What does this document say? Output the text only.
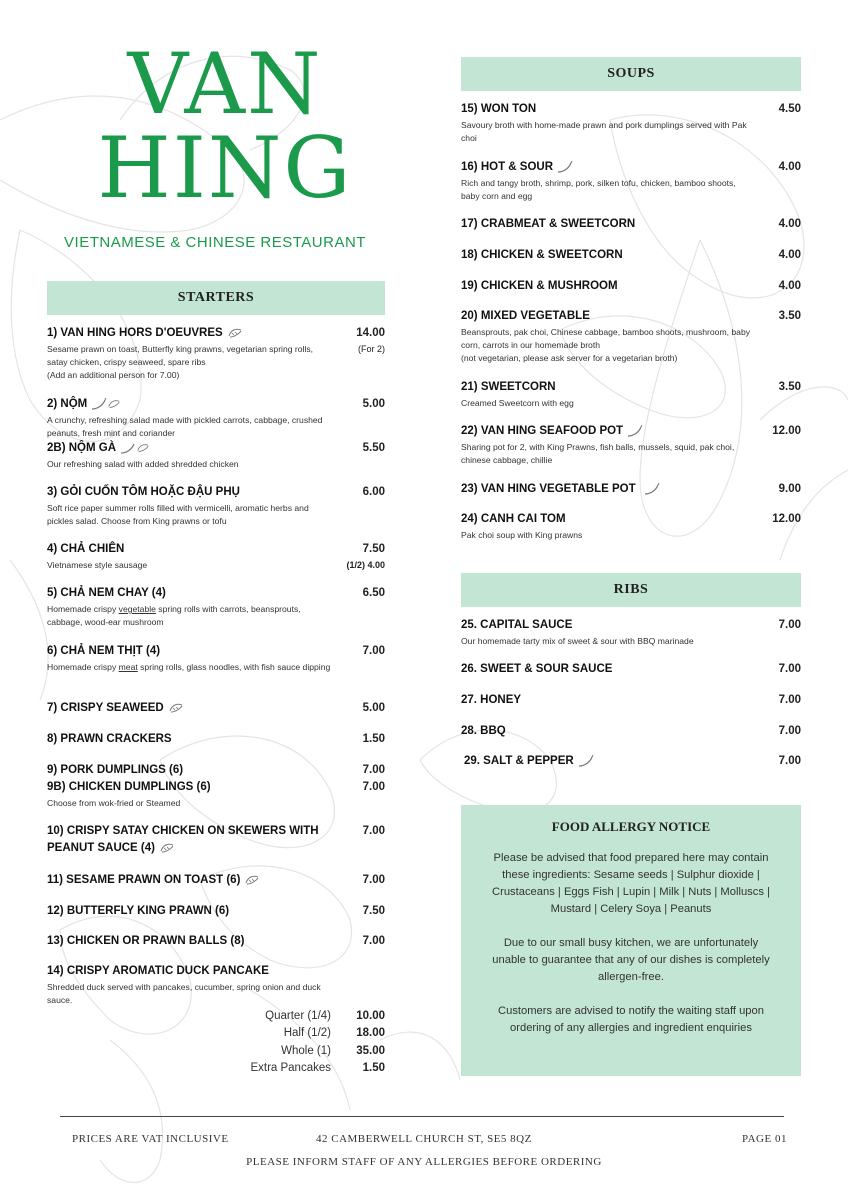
VAN
HING
VIETNAMESE & CHINESE RESTAURANT
STARTERS
1) VAN HING HORS D'OEUVRES	14.00
(For 2)
Sesame prawn on toast, Butterfly king prawns, vegetarian spring rolls, satay chicken, crispy seaweed, spare ribs
(Add an additional person for 7.00)
2) NỘM	5.00
A crunchy, refreshing salad made with pickled carrots, cabbage, crushed peanuts, fresh mint and coriander
2B) NỘM GÀ	5.50
Our refreshing salad with added shredded chicken
3) GỎI CUỐN TÔM HOẶC ĐẬU PHỤ	6.00
Soft rice paper summer rolls filled with vermicelli, aromatic herbs and pickles salad. Choose from King prawns or tofu
4) CHẢ CHIÊN	7.50
(1/2) 4.00
Vietnamese style sausage
5) CHẢ NEM CHAY (4)	6.50
Homemade crispy vegetable spring rolls with carrots, beansprouts, cabbage, wood-ear mushroom
6) CHẢ NEM THỊT (4)	7.00
Homemade crispy meat spring rolls, glass noodles, with fish sauce dipping
7) CRISPY SEAWEED	5.00
8) PRAWN CRACKERS	1.50
9) PORK DUMPLINGS (6)	7.00
9B) CHICKEN DUMPLINGS (6)	7.00
Choose from wok-fried or Steamed
10) CRISPY SATAY CHICKEN ON SKEWERS WITH PEANUT SAUCE (4)
7.00
11) SESAME PRAWN ON TOAST (6)	7.00
12) BUTTERFLY KING PRAWN (6)	7.50
13) CHICKEN OR PRAWN BALLS (8)	7.00
14) CRISPY AROMATIC DUCK PANCAKE
Shredded duck served with pancakes, cucumber, spring onion and duck sauce.
Quarter (1/4) 10.00
Half (1/2) 18.00
Whole (1) 35.00
Extra Pancakes	1.50
SOUPS
15) WON TON	4.50
Savoury broth with home-made prawn and pork dumplings served with Pak choi
16) HOT & SOUR	4.00
Rich and tangy broth, shrimp, pork, silken tofu, chicken, bamboo shoots, baby corn and egg
17) CRABMEAT & SWEETCORN	4.00
18) CHICKEN & SWEETCORN	4.00
19) CHICKEN & MUSHROOM	4.00
20) MIXED VEGETABLE	3.50
Beansprouts, pak choi, Chinese cabbage, bamboo shoots, mushroom, baby corn, carrots in our homemade broth
(not vegetarian, please ask server for a vegetarian broth)
21) SWEETCORN	3.50
Creamed Sweetcorn with egg
22) VAN HING SEAFOOD POT	12.00
Sharing pot for 2, with King Prawns, fish balls, mussels, squid, pak choi, chinese cabbage, chillie
23) VAN HING VEGETABLE POT	9.00
24) CANH CAI TOM	12.00
Pak choi soup with King prawns
RIBS
25. CAPITAL SAUCE	7.00
Our homemade tarty mix of sweet & sour with BBQ marinade
26. SWEET & SOUR SAUCE	7.00
27. HONEY	7.00
28. BBQ	7.00
29. SALT & PEPPER	7.00
FOOD ALLERGY NOTICE
Please be advised that food prepared here may contain these ingredients: Sesame seeds | Sulphur dioxide | Crustaceans | Eggs Fish | Lupin | Milk | Nuts | Molluscs | Mustard | Celery Soya | Peanuts
Due to our small busy kitchen, we are unfortunately unable to guarantee that any of our dishes is completely allergen-free.
Customers are advised to notify the waiting staff upon ordering of any allergies and ingredient enquiries
PRICES ARE VAT INCLUSIVE	42 CAMBERWELL CHURCH ST, SE5 8QZ	PAGE 01
PLEASE INFORM STAFF OF ANY ALLERGIES BEFORE ORDERING
